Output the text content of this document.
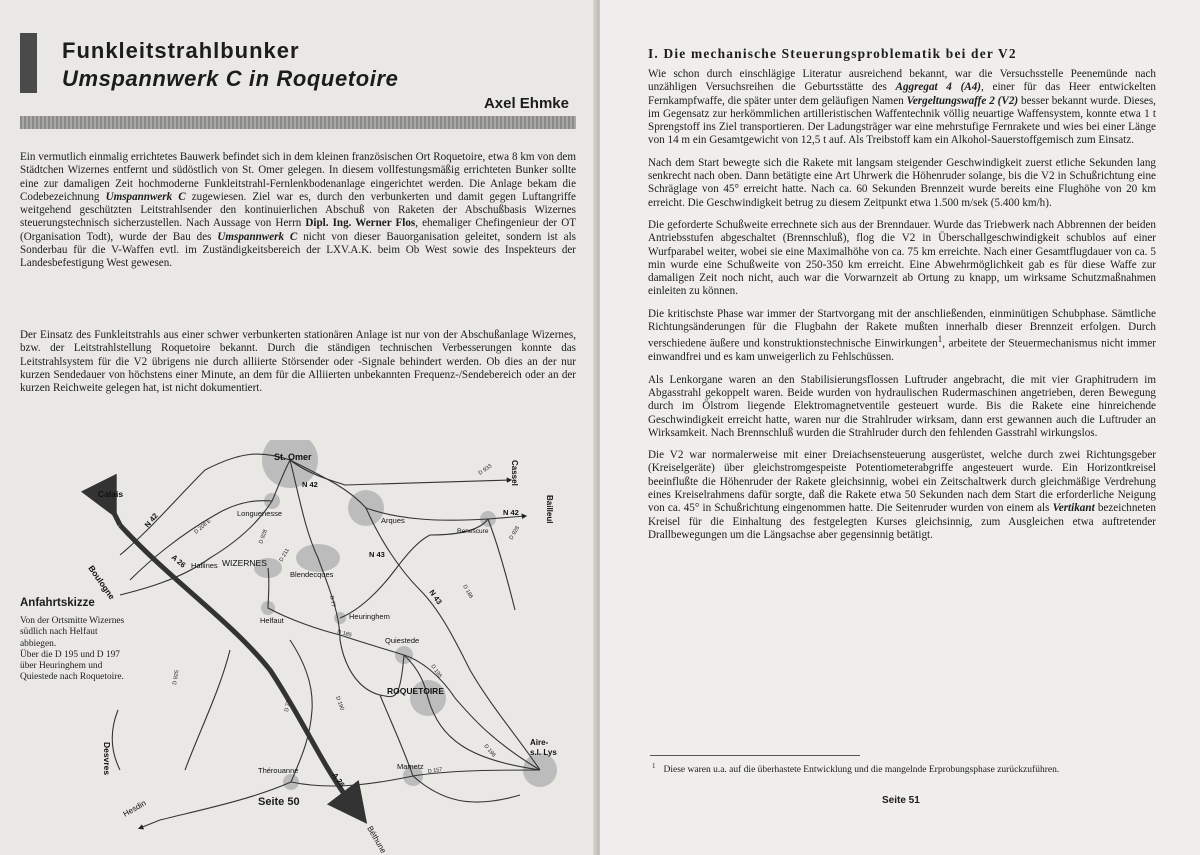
Funkleitstrahlbunker
Umspannwerk C in Roquetoire
Axel Ehmke

Ein vermutlich einmalig errichtetes Bauwerk befindet sich in dem kleinen französischen Ort Roquetoire, etwa 8 km von dem Städtchen Wizernes entfernt und südöstlich von St. Omer gelegen. In diesem vollfestungsmäßig errichteten Bunker sollte eine zur damaligen Zeit hochmoderne Funkleitstrahl-Fernlenkbodenanlage eingerichtet werden. Die Anlage bekam die Codebezeichnung Umspannwerk C zugewiesen. Ziel war es, durch den verbunkerten und damit gegen Luftangriffe weitgehend geschützten Leitstrahlsender den kontinuierlichen Abschuß von Raketen der Abschußbasis Wizernes steuerungstechnisch sicherzustellen. Nach Aussage von Herrn Dipl. Ing. Werner Flos, ehemaliger Chefingenieur der OT (Organisation Todt), wurde der Bau des Umspannwerk C nicht von dieser Bauorganisation geleitet, sondern ist als Sonderbau für die V-Waffen evtl. im Zuständigkeitsbereich der LXV.A.K. beim Ob West sowie des Inspekteurs der Landesbefestigung West gewesen.

Der Einsatz des Funkleitstrahls aus einer schwer verbunkerten stationären Anlage ist nur von der Abschußanlage Wizernes, bzw. der Leitstrahlstellung Roquetoire bekannt. Durch die ständigen technischen Verbesserungen konnte das Leitstrahlsystem für die V2 übrigens nie durch alliierte Störsender oder -Signale behindert werden. Ob dies an der nur kurzen Sendedauer von höchstens einer Minute, an dem für die Alliierten unbekannten Frequenz-/Sendebereich oder an der kurzen Reichweite gelegen hat, ist nicht dokumentiert.

St. Omer
Calais
Boulogne
Longuenesse
Arques
Renescure
Hallines WIZERNES
Blendecques
Helfaut	Heuringhem
Quiestede
ROQUETOIRE
Thérouanne	Mametz
Aire-
s.l. Lys
Desvres
Hesdin
Béthune
Cassel
Bailleul
N 42
N 42	N 42
N 43
N 43
A 26
A 26
D 933
D 928
D 208 E
D 211
D 77
D 185
D 195
D 196
D 157
D 186
D 190
D 928
D 77
D 925
Anfahrtskizze
Von der Ortsmitte Wizernes südlich nach Helfaut abbiegen.
Über die D 195 und D 197 über Heuringhem und Quiestede nach Roquetoire.
Seite 50
I. Die mechanische Steuerungsproblematik bei der V2

Wie schon durch einschlägige Literatur ausreichend bekannt, war die Versuchsstelle Peenemünde nach unzähligen Versuchsreihen die Geburtsstätte des Aggregat 4 (A4), einer für das Heer entwickelten Fernkampfwaffe, die später unter dem geläufigen Namen Vergeltungswaffe 2 (V2) besser bekannt wurde. Dieses, im Gegensatz zur herkömmlichen artilleristischen Waffentechnik völlig neuartige Waffensystem, konnte etwa 1 t Sprengstoff ins Ziel transportieren. Der Ladungsträger war eine mehrstufige Fernrakete und wies bei einer Länge von 14 m ein Gesamtgewicht von 12,5 t auf. Als Treibstoff kam ein Alkohol-Sauerstoffgemisch zum Einsatz.

Nach dem Start bewegte sich die Rakete mit langsam steigender Geschwindigkeit zuerst etliche Sekunden lang senkrecht nach oben. Dann betätigte eine Art Uhrwerk die Höhenruder solange, bis die V2 in Schußrichtung eine Schräglage von 45° erreicht hatte. Nach ca. 60 Sekunden Brennzeit wurde bereits eine Flughöhe von 20 km erreicht. Die Geschwindigkeit betrug zu diesem Zeitpunkt etwa 1.500 m/sek (5.400 km/h).

Die geforderte Schußweite errechnete sich aus der Brenndauer. Wurde das Triebwerk nach Abbrennen der beiden Antriebsstufen abgeschaltet (Brennschluß), flog die V2 in Überschallgeschwindigkeit schublos auf einer Wurfparabel weiter, wobei sie eine Maximalhöhe von ca. 75 km erreichte. Nach einer Gesamtflugdauer von ca. 5 min wurde eine Schußweite von 250-350 km erreicht. Eine Abwehrmöglichkeit gab es für diese Waffe zur damaligen Zeit noch nicht, auch war die Vorwarnzeit ab Ortung zu knapp, um wirksame Schutzmaßnahmen einleiten zu können.

Die kritischste Phase war immer der Startvorgang mit der anschließenden, einminütigen Schubphase. Sämtliche Richtungsänderungen für die Flugbahn der Rakete mußten innerhalb dieser Brennzeit erfolgen. Durch verschiedene äußere und konstruktionstechnische Einwirkungen$^1$, arbeitete der Steuermechanismus nicht immer einwandfrei und es kam unweigerlich zu Fehlschüssen.

Als Lenkorgane waren an den Stabilisierungsflossen Luftruder angebracht, die mit vier Graphitrudern im Abgasstrahl gekoppelt waren. Beide wurden von hydraulischen Rudermaschinen angetrieben, deren Bewegung durch im Ölstrom liegende Elektromagnetventile gesteuert wurde. Bis die Rakete eine hinreichende Geschwindigkeit erreicht hatte, waren nur die Strahlruder wirksam, dann erst gewannen auch die Luftruder an Wirksamkeit. Nach Brennschluß wurden die Strahlruder durch den fehlenden Gasstrahl wirkungslos.

Die V2 war normalerweise mit einer Dreiachsensteuerung ausgerüstet, welche durch zwei Richtungsgeber (Kreiselgeräte) über gleichstromgespeiste Potentiometerabgriffe angesteuert wurde. Ein Horizontkreisel beeinflußte die Höhenruder der Rakete gleichsinnig, wobei ein Zeitschaltwerk durch gleichmäßige Verdrehung eines Kreiselrahmens dafür sorgte, daß die Rakete etwa 50 Sekunden nach dem Start die erforderliche Neigung von ca. 45° in Schußrichtung eingenommen hatte. Die Seitenruder wurden von einem als Vertikant bezeichneten Kreisel für die Einhaltung des festgelegten Kurses gleichsinnig, zum Ausgleichen etwa auftretender Drallbewegungen um die Längsachse aber gegensinnig betätigt.

$^1$ Diese waren u.a. auf die überhastete Entwicklung und die mangelnde Erprobungsphase zurückzuführen.
Seite 51
